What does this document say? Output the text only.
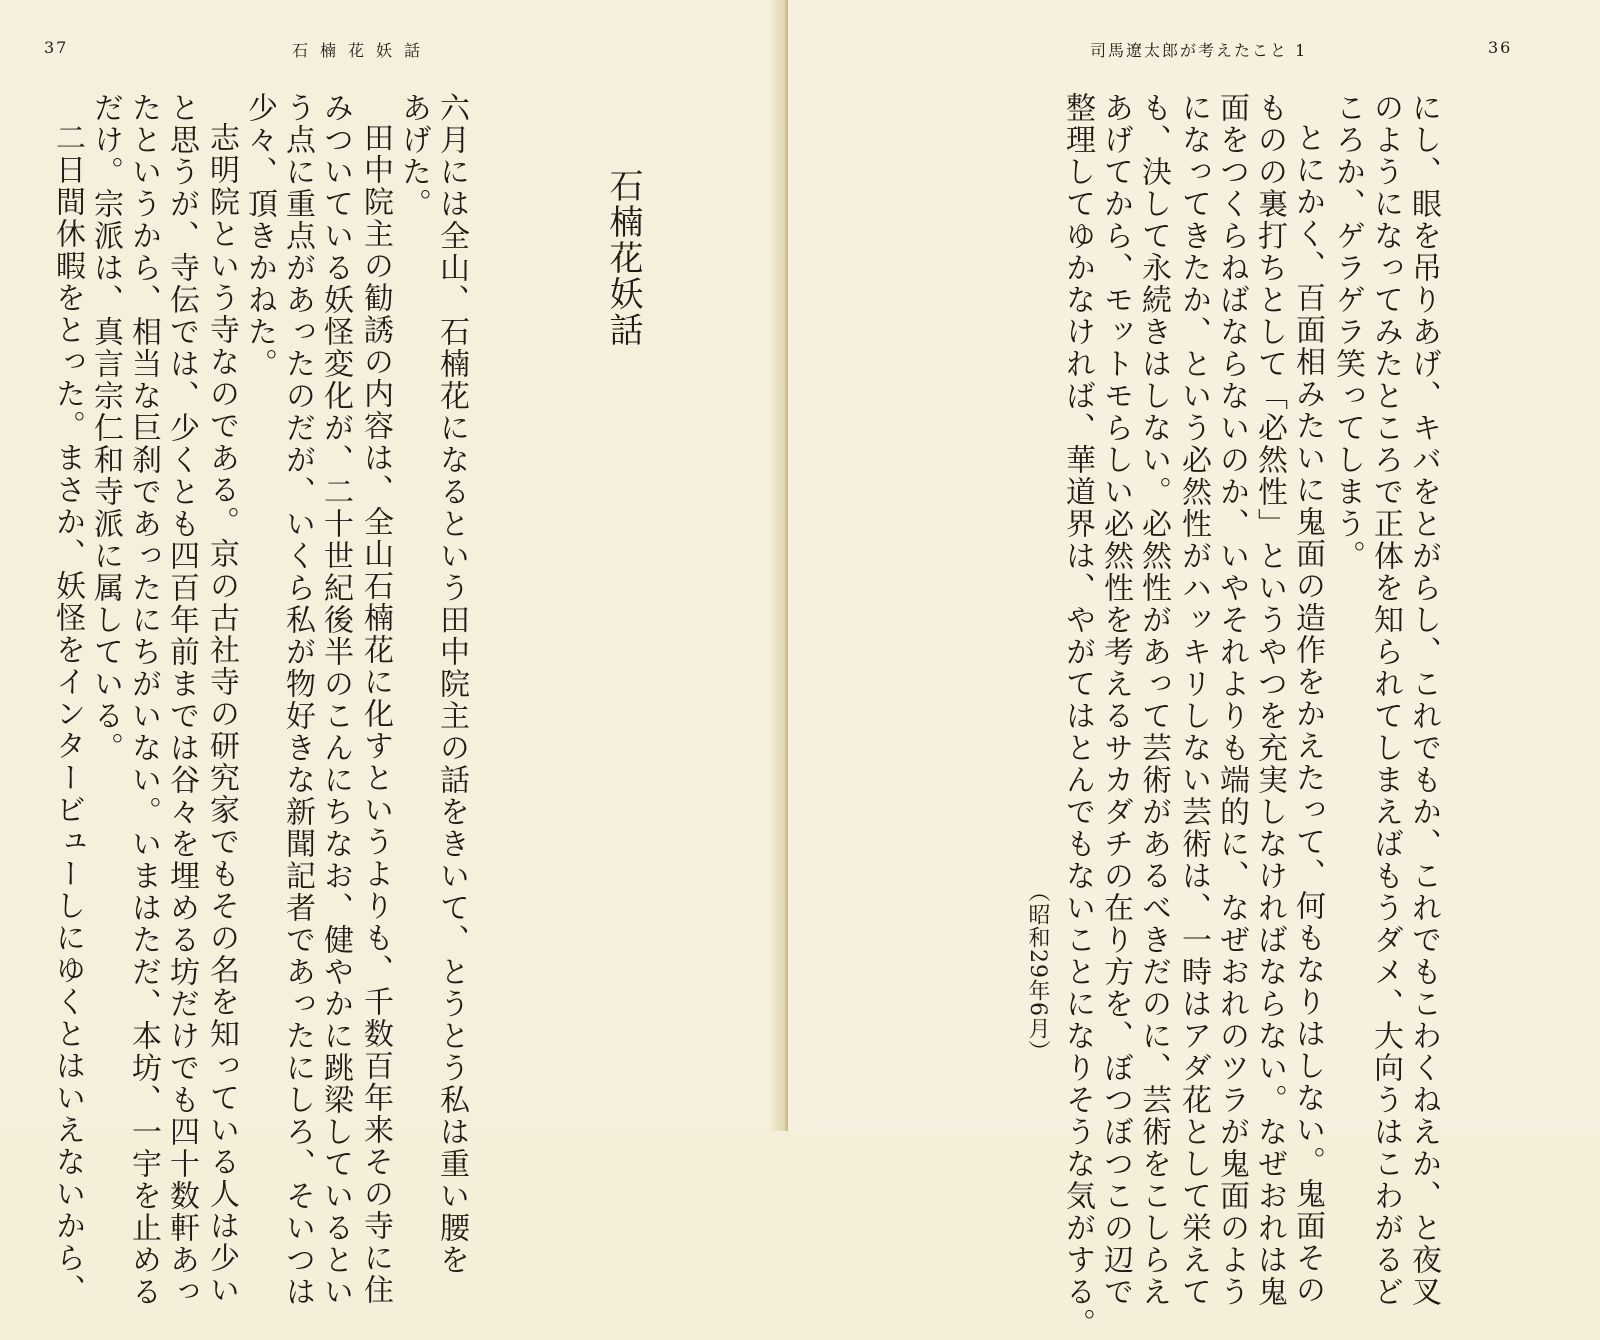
37	石楠花妖話
石楠花妖話
六月には全山、石楠花になるという田中院主の話をきいて、とうとう私は重い腰を
あげた。
田中院主の勧誘の内容は、全山石楠花に化すというよりも、千数百年来その寺に住
みついている妖怪変化が、二十世紀後半のこんにちなお、健やかに跳梁しているとい
う点に重点があったのだが、いくら私が物好きな新聞記者であったにしろ、そいつは
少々、頂きかねた。
志明院という寺なのである。京の古社寺の研究家でもその名を知っている人は少い
と思うが、寺伝では、少くとも四百年前までは谷々を埋める坊だけでも四十数軒あっ
たというから、相当な巨刹であったにちがいない。いまはただ、本坊、一宇を止める
だけ。宗派は、真言宗仁和寺派に属している。
二日間休暇をとった。まさか、妖怪をインタービューしにゆくとはいえないから、
司馬遼太郎が考えたこと 1	36
にし、眼を吊りあげ、キバをとがらし、これでもか、これでもこわくねえか、と夜叉
のようになってみたところで正体を知られてしまえばもうダメ、大向うはこわがるど
ころか、ゲラゲラ笑ってしまう。
とにかく、百面相みたいに鬼面の造作をかえたって、何もなりはしない。鬼面その
ものの裏打ちとして「必然性」というやつを充実しなければならない。なぜおれは鬼
面をつくらねばならないのか、いやそれよりも端的に、なぜおれのツラが鬼面のよう
になってきたか、という必然性がハッキリしない芸術は、一時はアダ花として栄えて
も、決して永続きはしない。必然性があって芸術があるべきだのに、芸術をこしらえ
あげてから、モットモらしい必然性を考えるサカダチの在り方を、ぼつぼつこの辺で
整理してゆかなければ、華道界は、やがてはとんでもないことになりそうな気がする。
（昭和29年6月）
